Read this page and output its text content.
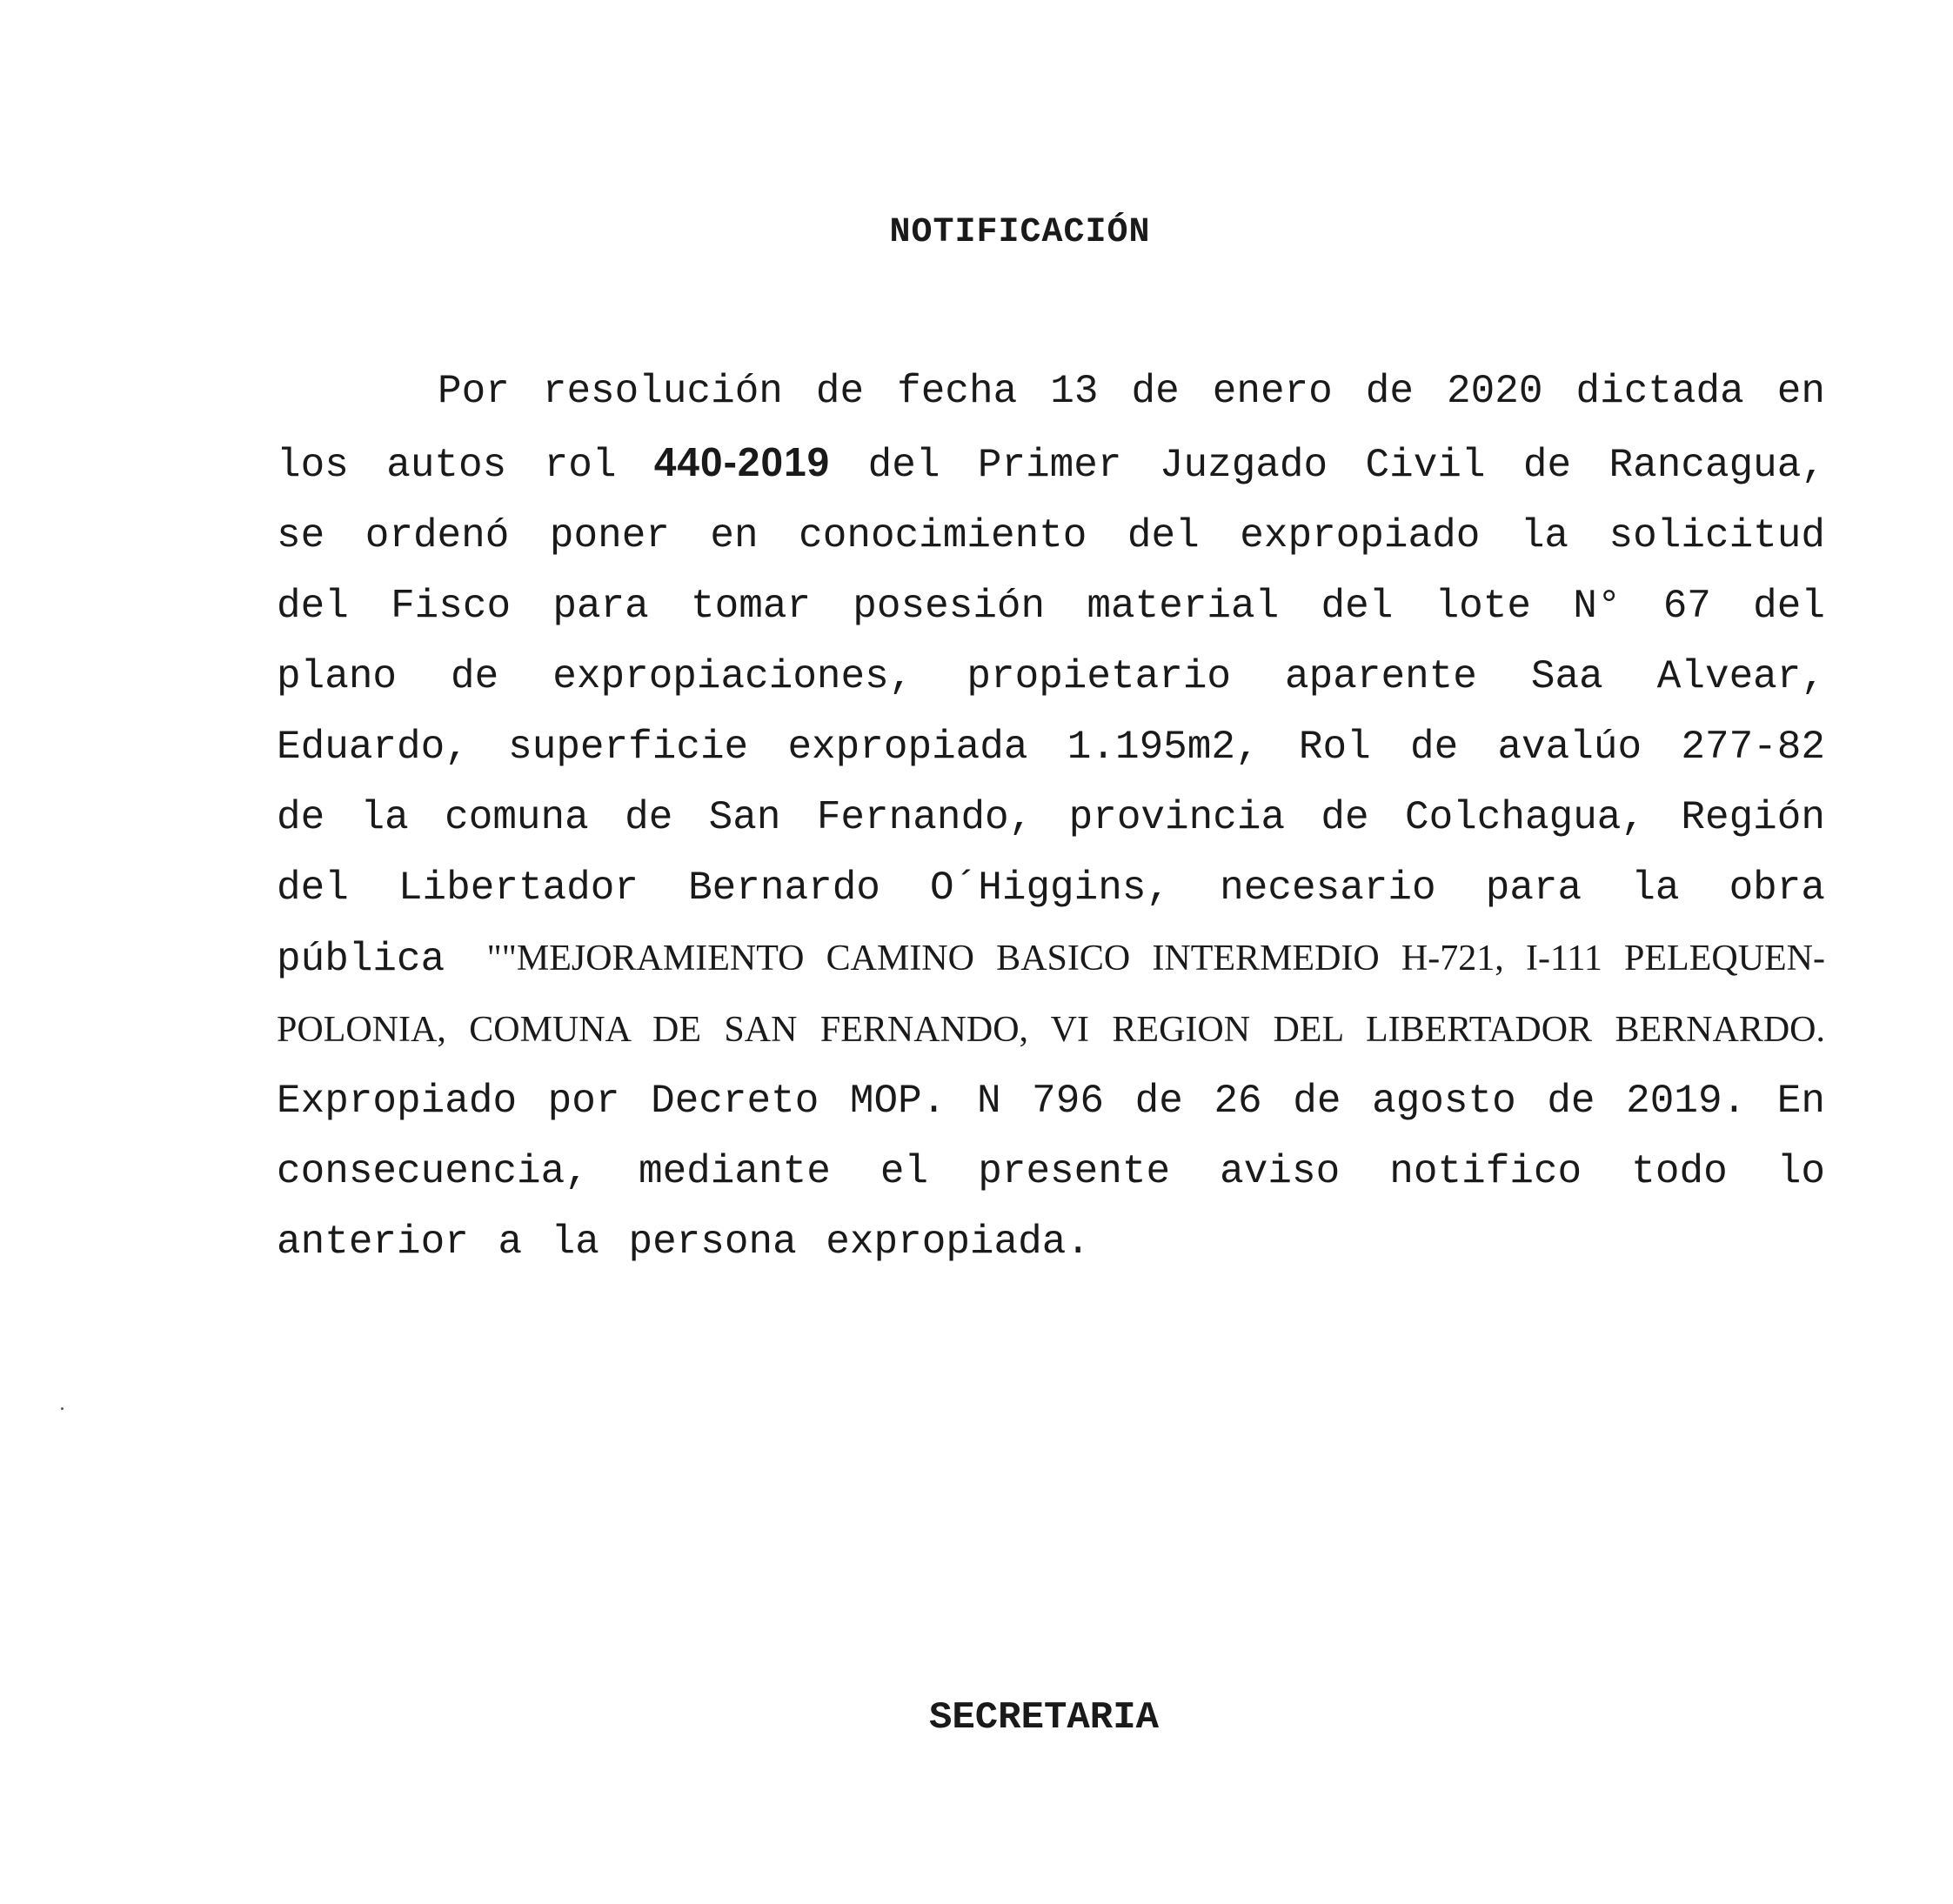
NOTIFICACIÓN
Por resolución de fecha 13 de enero de 2020 dictada en los autos rol 440-2019 del Primer Juzgado Civil de Rancagua, se ordenó poner en conocimiento del expropiado la solicitud del Fisco para tomar posesión material del lote N° 67 del plano de expropiaciones, propietario aparente Saa Alvear, Eduardo, superficie expropiada 1.195m2, Rol de avalúo 277-82 de la comuna de San Fernando, provincia de Colchagua, Región del Libertador Bernardo O´Higgins, necesario para la obra pública ""MEJORAMIENTO CAMINO BASICO INTERMEDIO H-721, I-111 PELEQUEN-POLONIA, COMUNA DE SAN FERNANDO, VI REGION DEL LIBERTADOR BERNARDO. Expropiado por Decreto MOP. N 796 de 26 de agosto de 2019. En consecuencia, mediante el presente aviso notifico todo lo anterior a la persona expropiada.
SECRETARIA
